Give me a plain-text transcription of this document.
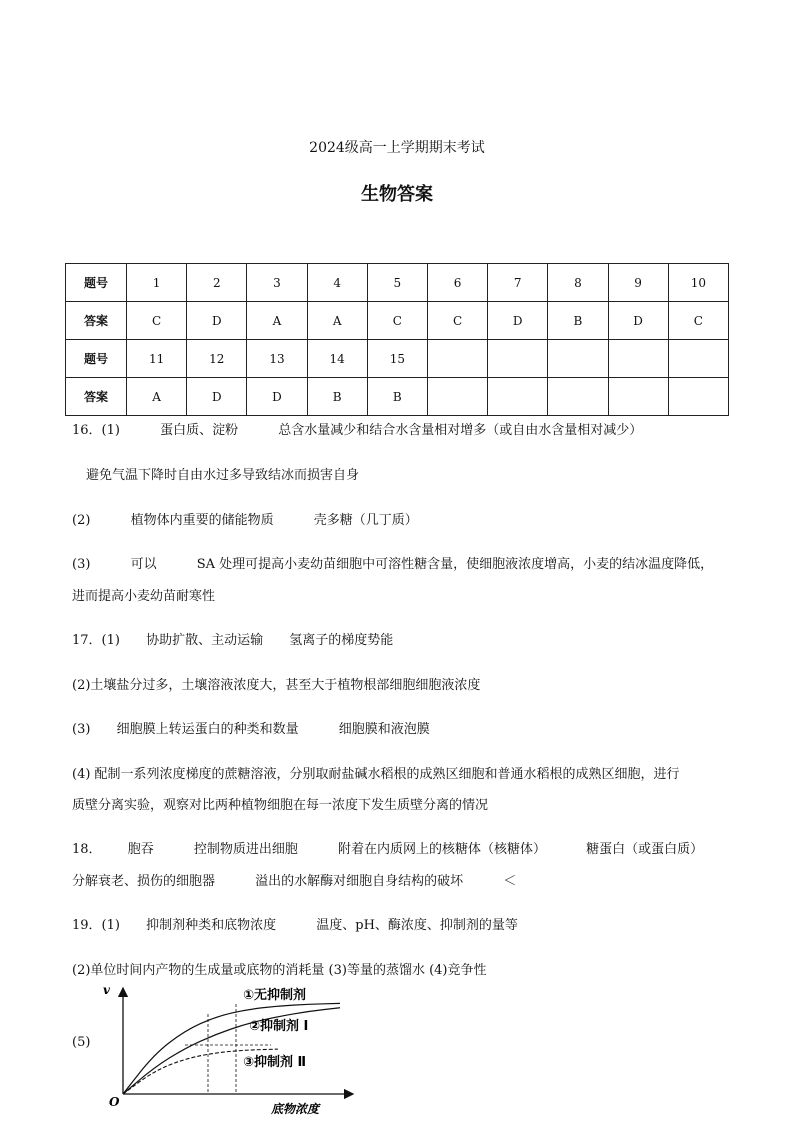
2024级高一上学期期末考试
生物答案
题号	1	2	3	4	5	6	7	8	9	10
答案	C	D	A	A	C	C	D	B	D	C
题号	11	12	13	14	15					
答案	A	D	D	B	B					
16．(1)	蛋白质、淀粉	总含水量减少和结合水含量相对增多（或自由水含量相对减少）
避免气温下降时自由水过多导致结冰而损害自身
(2)	植物体内重要的储能物质	壳多糖（几丁质）
(3)	可以	SA 处理可提高小麦幼苗细胞中可溶性糖含量，使细胞液浓度增高，小麦的结冰温度降低，
进而提高小麦幼苗耐寒性
17．(1) 协助扩散、主动运输 氢离子的梯度势能
(2)土壤盐分过多，土壤溶液浓度大，甚至大于植物根部细胞细胞液浓度
(3) 细胞膜上转运蛋白的种类和数量	细胞膜和液泡膜
(4) 配制一系列浓度梯度的蔗糖溶液，分别取耐盐碱水稻根的成熟区细胞和普通水稻根的成熟区细胞，进行
质壁分离实验，观察对比两种植物细胞在每一浓度下发生质壁分离的情况
18． 胞吞	控制物质进出细胞	附着在内质网上的核糖体（核糖体）	糖蛋白（或蛋白质）
分解衰老、损伤的细胞器	溢出的水解酶对细胞自身结构的破坏	＜
19．(1) 抑制剂种类和底物浓度	温度、pH、酶浓度、抑制剂的量等
(2)单位时间内产物的生成量或底物的消耗量 (3)等量的蒸馏水 (4)竞争性
(5)
v
O	底物浓度
①无抑制剂
②抑制剂 Ⅰ
③抑制剂 Ⅱ
